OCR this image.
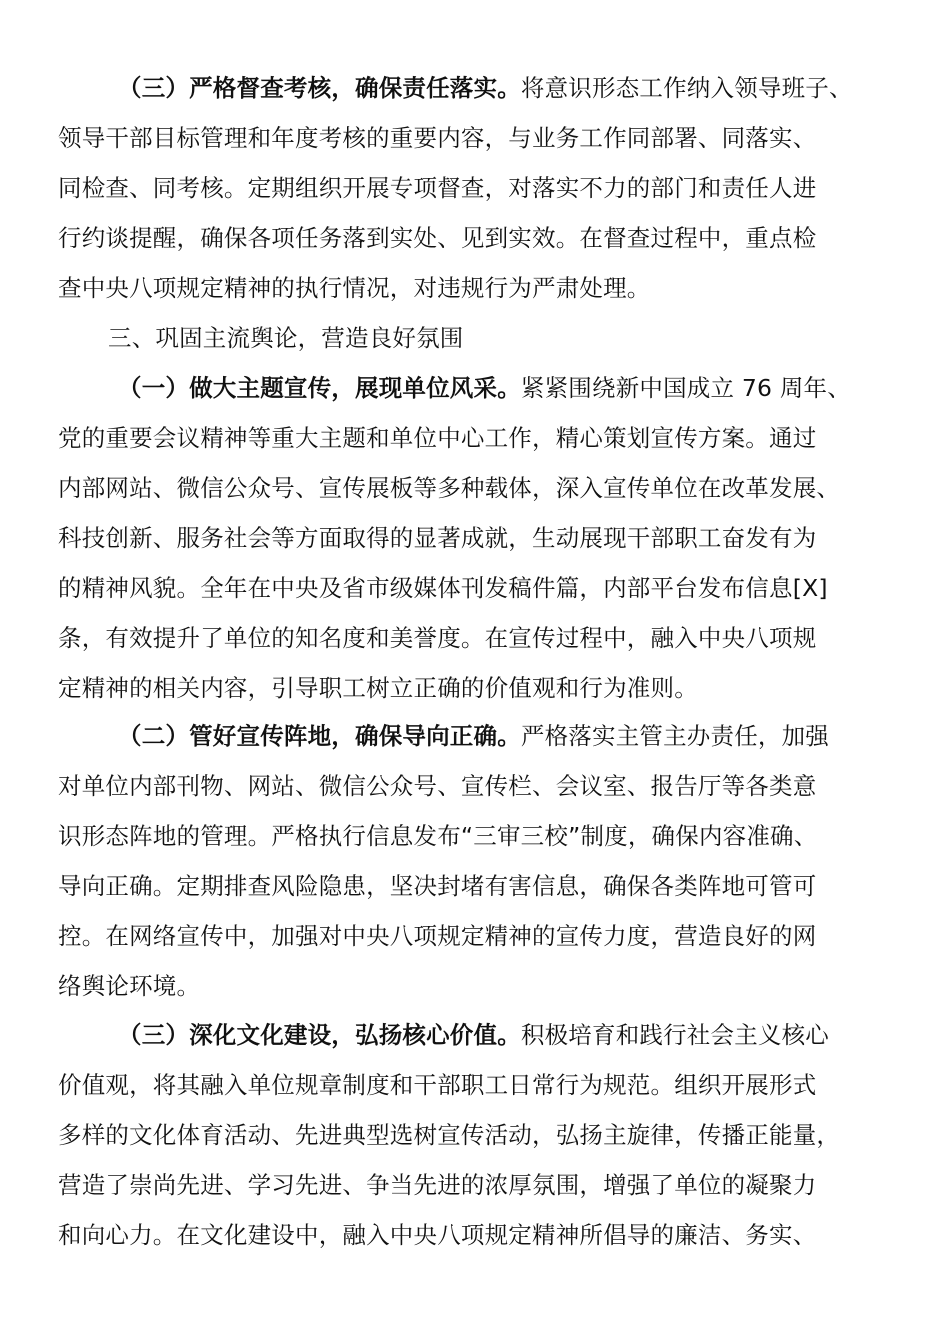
（三）严格督查考核，确保责任落实。将意识形态工作纳入领导班子、
领导干部目标管理和年度考核的重要内容，与业务工作同部署、同落实、
同检查、同考核。定期组织开展专项督查，对落实不力的部门和责任人进
行约谈提醒，确保各项任务落到实处、见到实效。在督查过程中，重点检
查中央八项规定精神的执行情况，对违规行为严肃处理。
三、巩固主流舆论，营造良好氛围
（一）做大主题宣传，展现单位风采。紧紧围绕新中国成立 76 周年、
党的重要会议精神等重大主题和单位中心工作，精心策划宣传方案。通过
内部网站、微信公众号、宣传展板等多种载体，深入宣传单位在改革发展、
科技创新、服务社会等方面取得的显著成就，生动展现干部职工奋发有为
的精神风貌。全年在中央及省市级媒体刊发稿件篇，内部平台发布信息[X]
条，有效提升了单位的知名度和美誉度。在宣传过程中，融入中央八项规
定精神的相关内容，引导职工树立正确的价值观和行为准则。
（二）管好宣传阵地，确保导向正确。严格落实主管主办责任，加强
对单位内部刊物、网站、微信公众号、宣传栏、会议室、报告厅等各类意
识形态阵地的管理。严格执行信息发布“三审三校”制度，确保内容准确、
导向正确。定期排查风险隐患，坚决封堵有害信息，确保各类阵地可管可
控。在网络宣传中，加强对中央八项规定精神的宣传力度，营造良好的网
络舆论环境。
（三）深化文化建设，弘扬核心价值。积极培育和践行社会主义核心
价值观，将其融入单位规章制度和干部职工日常行为规范。组织开展形式
多样的文化体育活动、先进典型选树宣传活动，弘扬主旋律，传播正能量，
营造了崇尚先进、学习先进、争当先进的浓厚氛围，增强了单位的凝聚力
和向心力。在文化建设中，融入中央八项规定精神所倡导的廉洁、务实、
